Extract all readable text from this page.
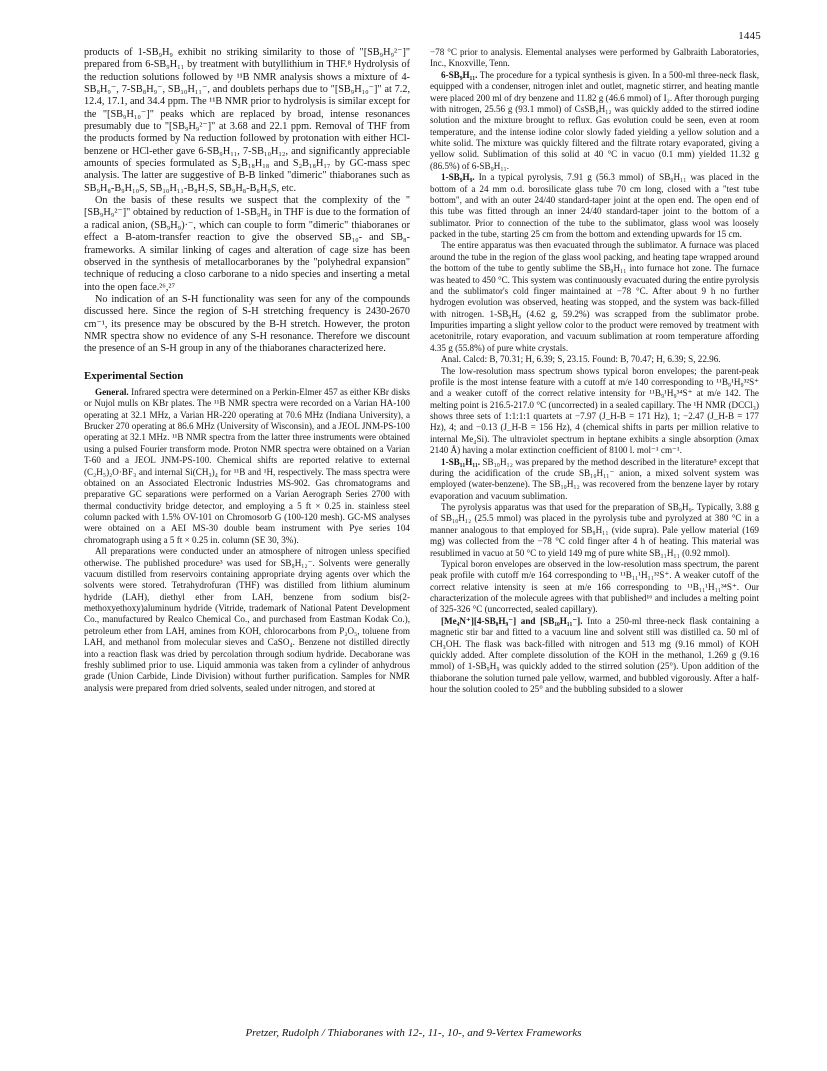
1445

products of 1-SB₉H₉ exhibit no striking similarity to those of "[SB₉H₉²⁻]" prepared from 6-SB₉H₁₁ by treatment with butyllithium in THF.⁸ Hydrolysis of the reduction solutions followed by ¹¹B NMR analysis shows a mixture of 4-SB₈H₉⁻, 7-SB₈H₉⁻, SB₁₀H₁₁⁻, and doublets perhaps due to "[SB₉H₁₀⁻]" at 7.2, 12.4, 17.1, and 34.4 ppm. The ¹¹B NMR prior to hydrolysis is similar except for the "[SB₉H₁₀⁻]" peaks which are replaced by broad, intense resonances presumably due to "[SB₉H₉²⁻]" at 3.68 and 22.1 ppm. Removal of THF from the products formed by Na reduction followed by protonation with either HCl-benzene or HCl-ether gave 6-SB₉H₁₁, 7-SB₁₀H₁₂, and significantly appreciable amounts of species formulated as S₂B₁₈H₁₈ and S₂B₁₈H₁₇ by GC-mass spec analysis. The latter are suggestive of B-B linked "dimeric" thiaboranes such as SB₉H₈-B₉H₁₀S, SB₁₀H₁₁-B₈H₇S, SB₉H₈-B₈H₉S, etc.

On the basis of these results we suspect that the complexity of the "[SB₉H₉²⁻]" obtained by reduction of 1-SB₉H₉ in THF is due to the formation of a radical anion, (SB₉H₉)·⁻, which can couple to form "dimeric" thiaboranes or effect a B-atom-transfer reaction to give the observed SB₁₀- and SB₈-frameworks. A similar linking of cages and alteration of cage size has been observed in the synthesis of metallocarboranes by the "polyhedral expansion" technique of reducing a closo carborane to a nido species and inserting a metal into the open face.²⁶,²⁷

No indication of an S-H functionality was seen for any of the compounds discussed here. Since the region of S-H stretching frequency is 2430-2670 cm⁻¹, its presence may be obscured by the B-H stretch. However, the proton NMR spectra show no evidence of any S-H resonance. Therefore we discount the presence of an S-H group in any of the thiaboranes characterized here.

Experimental Section

General. Infrared spectra were determined on a Perkin-Elmer 457 as either KBr disks or Nujol mulls on KBr plates. The ¹¹B NMR spectra were recorded on a Varian HA-100 operating at 32.1 MHz, a Varian HR-220 operating at 70.6 MHz (Indiana University), a Brucker 270 operating at 86.6 MHz (University of Wisconsin), and a JEOL JNM-PS-100 operating at 32.1 MHz. ¹¹B NMR spectra from the latter three instruments were obtained using a pulsed Fourier transform mode. Proton NMR spectra were obtained on a Varian T-60 and a JEOL JNM-PS-100. Chemical shifts are reported relative to external (C₂H₅)₂O·BF₃ and internal Si(CH₃)₄ for ¹¹B and ¹H, respectively. The mass spectra were obtained on an Associated Electronic Industries MS-902. Gas chromatograms and preparative GC separations were performed on a Varian Aerograph Series 2700 with thermal conductivity bridge detector, and employing a 5 ft × 0.25 in. stainless steel column packed with 1.5% OV-101 on Chromosorb G (100-120 mesh). GC-MS analyses were obtained on a AEI MS-30 double beam instrument with Pye series 104 chromatograph using a 5 ft × 0.25 in. column (SE 30, 3%).

All preparations were conducted under an atmosphere of nitrogen unless specified otherwise. The published procedure³ was used for SB₉H₁₂⁻. Solvents were generally vacuum distilled from reservoirs containing appropriate drying agents over which the solvents were stored. Tetrahydrofuran (THF) was distilled from lithium aluminum hydride (LAH), diethyl ether from LAH, benzene from sodium bis(2-methoxyethoxy)aluminum hydride (Vitride, trademark of National Patent Development Co., manufactured by Realco Chemical Co., and purchased from Eastman Kodak Co.), petroleum ether from LAH, amines from KOH, chlorocarbons from P₂O₅, toluene from LAH, and methanol from molecular sieves and CaSO₄. Benzene not distilled directly into a reaction flask was dried by percolation through sodium hydride. Decaborane was freshly sublimed prior to use. Liquid ammonia was taken from a cylinder of anhydrous grade (Union Carbide, Linde Division) without further purification. Samples for NMR analysis were prepared from dried solvents, sealed under nitrogen, and stored at

−78 °C prior to analysis. Elemental analyses were performed by Galbraith Laboratories, Inc., Knoxville, Tenn.

6-SB₉H₁₁. The procedure for a typical synthesis is given. In a 500-ml three-neck flask, equipped with a condenser, nitrogen inlet and outlet, magnetic stirrer, and heating mantle were placed 200 ml of dry benzene and 11.82 g (46.6 mmol) of I₂. After thorough purging with nitrogen, 25.56 g (93.1 mmol) of CsSB₉H₁₂ was quickly added to the stirred iodine solution and the mixture brought to reflux. Gas evolution could be seen, even at room temperature, and the intense iodine color slowly faded yielding a yellow solution and a white solid. The mixture was quickly filtered and the filtrate rotary evaporated, giving a yellow solid. Sublimation of this solid at 40 °C in vacuo (0.1 mm) yielded 11.32 g (86.5%) of 6-SB₉H₁₁.

1-SB₉H₉. In a typical pyrolysis, 7.91 g (56.3 mmol) of SB₉H₁₁ was placed in the bottom of a 24 mm o.d. borosilicate glass tube 70 cm long, closed with a "test tube bottom", and with an outer 24/40 standard-taper joint at the open end. The open end of this tube was fitted through an inner 24/40 standard-taper joint to the bottom of a sublimator. Prior to connection of the tube to the sublimator, glass wool was loosely packed in the tube, starting 25 cm from the bottom and extending upwards for 15 cm.

The entire apparatus was then evacuated through the sublimator. A furnace was placed around the tube in the region of the glass wool packing, and heating tape wrapped around the bottom of the tube to gently sublime the SB₉H₁₁ into furnace hot zone. The furnace was heated to 450 °C. This system was continuously evacuated during the entire pyrolysis and the sublimator's cold finger maintained at −78 °C. After about 9 h no further hydrogen evolution was observed, heating was stopped, and the system was back-filled with nitrogen. 1-SB₉H₉ (4.62 g, 59.2%) was scrapped from the sublimator probe. Impurities imparting a slight yellow color to the product were removed by treatment with acetonitrile, rotary evaporation, and vacuum sublimation at room temperature affording 4.35 g (55.8%) of pure white crystals.

Anal. Calcd: B, 70.31; H, 6.39; S, 23.15. Found: B, 70.47; H, 6.39; S, 22.96.

The low-resolution mass spectrum shows typical boron envelopes; the parent-peak profile is the most intense feature with a cutoff at m/e 140 corresponding to ¹¹B₉¹H₉³²S⁺ and a weaker cutoff of the correct relative intensity for ¹¹B₉¹H₉³⁴S⁺ at m/e 142. The melting point is 216.5-217.0 °C (uncorrected) in a sealed capillary. The ¹H NMR (DCCl₃) shows three sets of 1:1:1:1 quartets at −7.97 (J_H-B = 171 Hz), 1; −2.47 (J_H-B = 177 Hz), 4; and −0.13 (J_H-B = 156 Hz), 4 (chemical shifts in parts per million relative to internal Me₄Si). The ultraviolet spectrum in heptane exhibits a single absorption (λmax 2140 Å) having a molar extinction coefficient of 8100 l. mol⁻¹ cm⁻¹.

1-SB₁₁H₁₁. SB₁₀H₁₂ was prepared by the method described in the literature⁵ except that during the acidification of the crude SB₁₀H₁₁⁻ anion, a mixed solvent system was employed (water-benzene). The SB₁₀H₁₂ was recovered from the benzene layer by rotary evaporation and vacuum sublimation.

The pyrolysis apparatus was that used for the preparation of SB₉H₉. Typically, 3.88 g of SB₁₀H₁₂ (25.5 mmol) was placed in the pyrolysis tube and pyrolyzed at 380 °C in a manner analogous to that employed for SB₉H₁₁ (vide supra). Pale yellow material (169 mg) was collected from the −78 °C cold finger after 4 h of heating. This material was resublimed in vacuo at 50 °C to yield 149 mg of pure white SB₁₁H₁₁ (0.92 mmol).

Typical boron envelopes are observed in the low-resolution mass spectrum, the parent peak profile with cutoff m/e 164 corresponding to ¹¹B₁₁¹H₁₁³²S⁺. A weaker cutoff of the correct relative intensity is seen at m/e 166 corresponding to ¹¹B₁₁¹H₁₁³⁴S⁺. Our characterization of the molecule agrees with that published¹⁶ and includes a melting point of 325-326 °C (uncorrected, sealed capillary).

[Me₄N⁺][4-SB₈H₉⁻] and [SB₁₀H₁₁⁻]. Into a 250-ml three-neck flask containing a magnetic stir bar and fitted to a vacuum line and solvent still was distilled ca. 50 ml of CH₃OH. The flask was back-filled with nitrogen and 513 mg (9.16 mmol) of KOH quickly added. After complete dissolution of the KOH in the methanol, 1.269 g (9.16 mmol) of 1-SB₉H₉ was quickly added to the stirred solution (25°). Upon addition of the thiaborane the solution turned pale yellow, warmed, and bubbled vigorously. After a half-hour the solution cooled to 25° and the bubbling subsided to a slower

Pretzer, Rudolph / Thiaboranes with 12-, 11-, 10-, and 9-Vertex Frameworks
